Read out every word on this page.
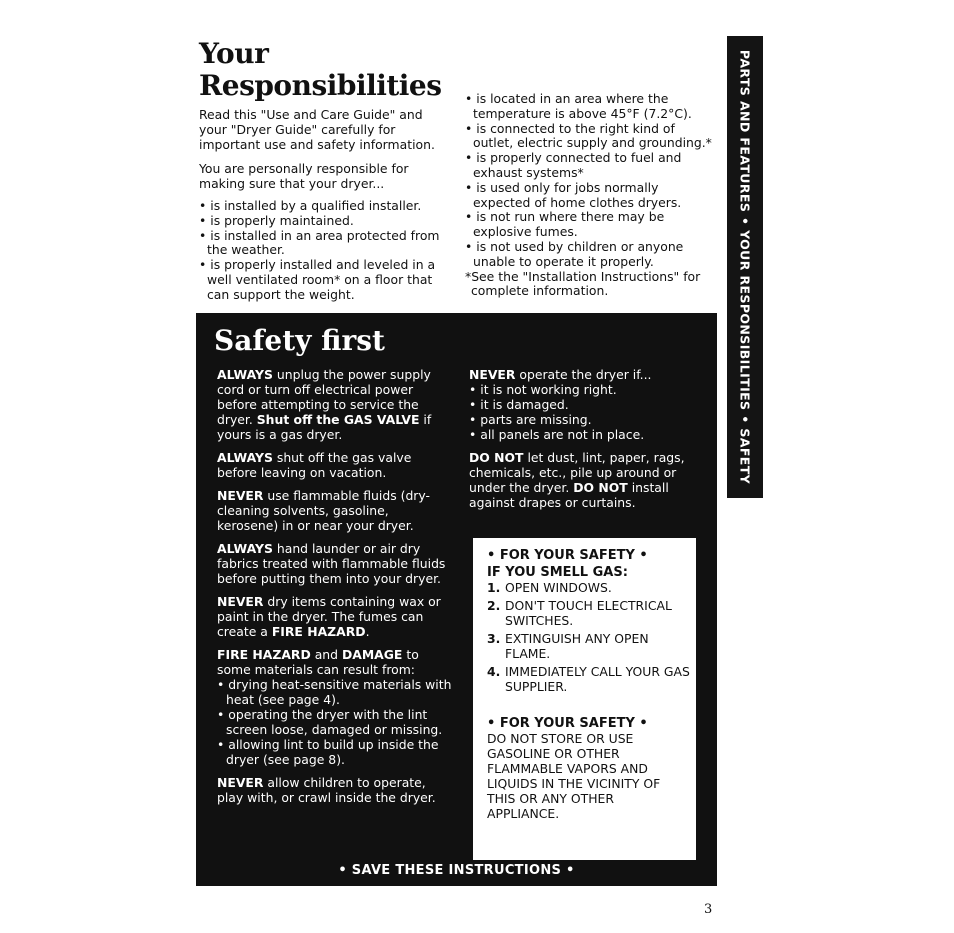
Your
Responsibilities

Read this "Use and Care Guide" and your "Dryer Guide" carefully for important use and safety information.

You are personally responsible for making sure that your dryer...

• is installed by a qualified installer.

• is properly maintained.

• is installed in an area protected from the weather.

• is properly installed and leveled in a well ventilated room* on a floor that can support the weight.

• is located in an area where the temperature is above 45°F (7.2°C).

• is connected to the right kind of outlet, electric supply and grounding.*

• is properly connected to fuel and exhaust systems*

• is used only for jobs normally expected of home clothes dryers.

• is not run where there may be explosive fumes.

• is not used by children or anyone unable to operate it properly.

*See the "Installation Instructions" for complete information.	PARTS AND FEATURES • YOUR RESPONSIBILITIES • SAFETY
Safety first

ALWAYS unplug the power supply cord or turn off electrical power before attempting to service the dryer. Shut off the GAS VALVE if yours is a gas dryer.

ALWAYS shut off the gas valve before leaving on vacation.

NEVER use flammable fluids (dry-cleaning solvents, gasoline, kerosene) in or near your dryer.

ALWAYS hand launder or air dry fabrics treated with flammable fluids before putting them into your dryer.

NEVER dry items containing wax or paint in the dryer. The fumes can create a FIRE HAZARD.

FIRE HAZARD and DAMAGE to some materials can result from:

• drying heat-sensitive materials with heat (see page 4).

• operating the dryer with the lint screen loose, damaged or missing.

• allowing lint to build up inside the dryer (see page 8).

NEVER allow children to operate, play with, or crawl inside the dryer.

NEVER operate the dryer if...

• it is not working right.

• it is damaged.

• parts are missing.

• all panels are not in place.

DO NOT let dust, lint, paper, rags, chemicals, etc., pile up around or under the dryer. DO NOT install against drapes or curtains.

• FOR YOUR SAFETY •

IF YOU SMELL GAS:

1. OPEN WINDOWS.
2. DON'T TOUCH ELECTRICAL SWITCHES.
3. EXTINGUISH ANY OPEN FLAME.
4. IMMEDIATELY CALL YOUR GAS SUPPLIER.

• FOR YOUR SAFETY •

DO NOT STORE OR USE GASOLINE OR OTHER FLAMMABLE VAPORS AND LIQUIDS IN THE VICINITY OF THIS OR ANY OTHER APPLIANCE.

• SAVE THESE INSTRUCTIONS •
3
